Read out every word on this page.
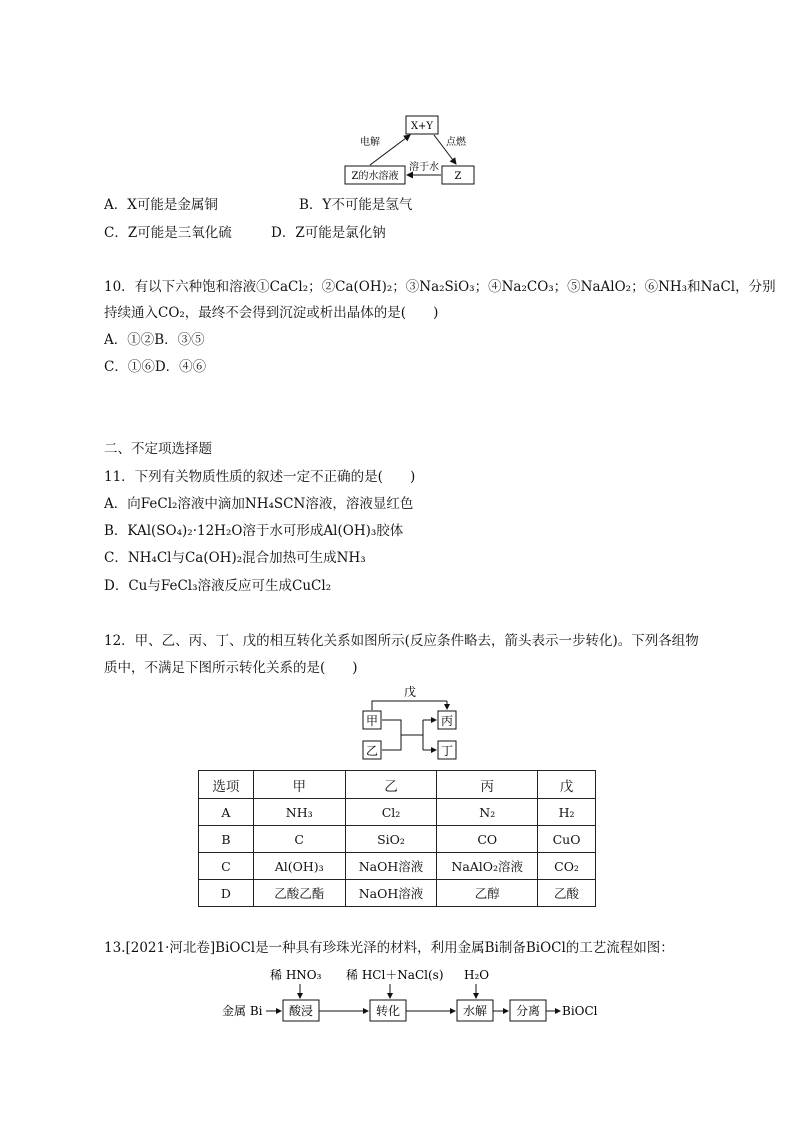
X+Y
Z的水溶液	Z
电解	点燃
溶于水
A．X可能是金属铜	B．Y不可能是氢气
C．Z可能是三氧化硫	D．Z可能是氯化钠
10．有以下六种饱和溶液①CaCl₂；②Ca(OH)₂；③Na₂SiO₃；④Na₂CO₃；⑤NaAlO₂；⑥NH₃和NaCl，分别
持续通入CO₂，最终不会得到沉淀或析出晶体的是(　　)
A．①②B．③⑤
C．①⑥D．④⑥
二、不定项选择题
11．下列有关物质性质的叙述一定不正确的是(　　)
A．向FeCl₂溶液中滴加NH₄SCN溶液，溶液显红色
B．KAl(SO₄)₂·12H₂O溶于水可形成Al(OH)₃胶体
C．NH₄Cl与Ca(OH)₂混合加热可生成NH₃
D．Cu与FeCl₃溶液反应可生成CuCl₂
12．甲、乙、丙、丁、戊的相互转化关系如图所示(反应条件略去，箭头表示一步转化)。下列各组物
质中，不满足下图所示转化关系的是(　　)
戊
甲
乙
丙
丁
选项	甲	乙	丙	戊
A	NH₃	Cl₂	N₂	H₂
B	C	SiO₂	CO	CuO
C	Al(OH)₃	NaOH溶液	NaAlO₂溶液	CO₂
D	乙酸乙酯	NaOH溶液	乙醇	乙酸
13.[2021·河北卷]BiOCl是一种具有珍珠光泽的材料，利用金属Bi制备BiOCl的工艺流程如图：
稀 HNO₃ 稀 HCl＋NaCl(s) H₂O
金属 Bi 酸浸	转化	水解 分离 BiOCl
